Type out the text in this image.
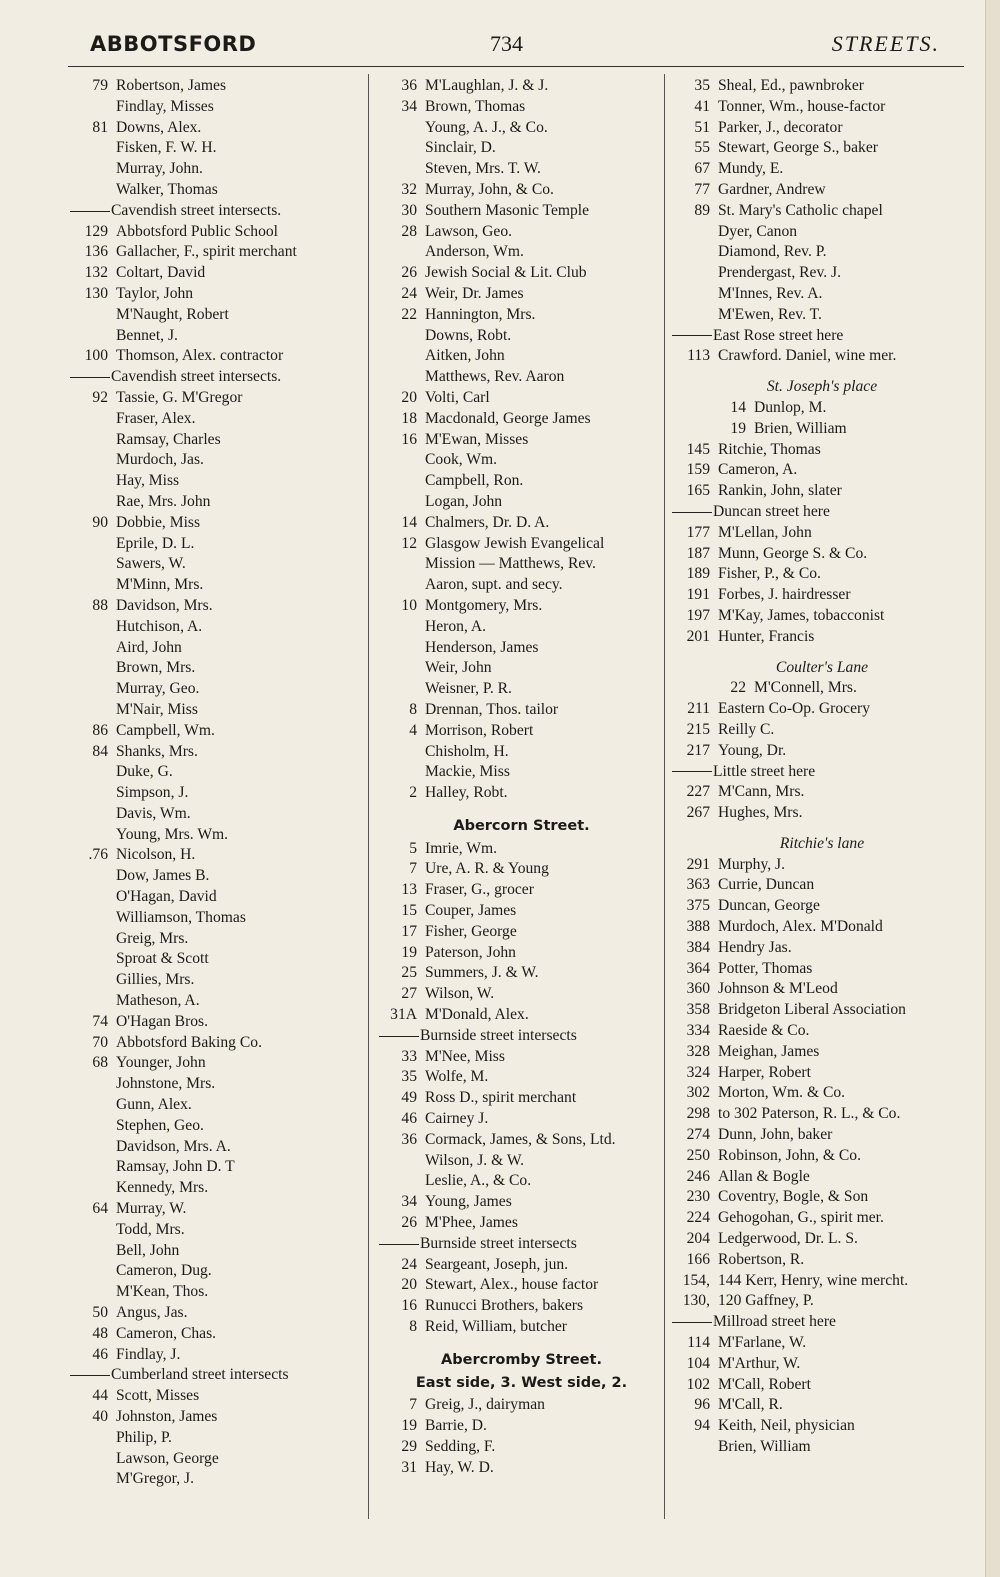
ABBOTSFORD	734	STREETS.
79 Robertson, James
Findlay, Misses
81 Downs, Alex.
Fisken, F. W. H.
Murray, John.
Walker, Thomas
Cavendish street intersects.
129 Abbotsford Public School
136 Gallacher, F., spirit merchant
132 Coltart, David
130 Taylor, John
M'Naught, Robert
Bennet, J.
100 Thomson, Alex. contractor
Cavendish street intersects.
92 Tassie, G. M'Gregor
Fraser, Alex.
Ramsay, Charles
Murdoch, Jas.
Hay, Miss
Rae, Mrs. John
90 Dobbie, Miss
Eprile, D. L.
Sawers, W.
M'Minn, Mrs.
88 Davidson, Mrs.
Hutchison, A.
Aird, John
Brown, Mrs.
Murray, Geo.
M'Nair, Miss
86 Campbell, Wm.
84 Shanks, Mrs.
Duke, G.
Simpson, J.
Davis, Wm.
Young, Mrs. Wm.
.76 Nicolson, H.
Dow, James B.
O'Hagan, David
Williamson, Thomas
Greig, Mrs.
Sproat & Scott
Gillies, Mrs.
Matheson, A.
74 O'Hagan Bros.
70 Abbotsford Baking Co.
68 Younger, John
Johnstone, Mrs.
Gunn, Alex.
Stephen, Geo.
Davidson, Mrs. A.
Ramsay, John D. T
Kennedy, Mrs.
64 Murray, W.
Todd, Mrs.
Bell, John
Cameron, Dug.
M'Kean, Thos.
50 Angus, Jas.
48 Cameron, Chas.
46 Findlay, J.
Cumberland street intersects
44 Scott, Misses
40 Johnston, James
Philip, P.
Lawson, George
M'Gregor, J.
36 M'Laughlan, J. & J.
34 Brown, Thomas
Young, A. J., & Co.
Sinclair, D.
Steven, Mrs. T. W.
32 Murray, John, & Co.
30 Southern Masonic Temple
28 Lawson, Geo.
Anderson, Wm.
26 Jewish Social & Lit. Club
24 Weir, Dr. James
22 Hannington, Mrs.
Downs, Robt.
Aitken, John
Matthews, Rev. Aaron
20 Volti, Carl
18 Macdonald, George James
16 M'Ewan, Misses
Cook, Wm.
Campbell, Ron.
Logan, John
14 Chalmers, Dr. D. A.
12 Glasgow Jewish Evangelical
Mission — Matthews, Rev.
Aaron, supt. and secy.
10 Montgomery, Mrs.
Heron, A.
Henderson, James
Weir, John
Weisner, P. R.
8 Drennan, Thos. tailor
4 Morrison, Robert
Chisholm, H.
Mackie, Miss
2 Halley, Robt.
Abercorn Street.
5 Imrie, Wm.
7 Ure, A. R. & Young
13 Fraser, G., grocer
15 Couper, James
17 Fisher, George
19 Paterson, John
25 Summers, J. & W.
27 Wilson, W.
31A M'Donald, Alex.
Burnside street intersects
33 M'Nee, Miss
35 Wolfe, M.
49 Ross D., spirit merchant
46 Cairney J.
36 Cormack, James, & Sons, Ltd.
Wilson, J. & W.
Leslie, A., & Co.
34 Young, James
26 M'Phee, James
Burnside street intersects
24 Seargeant, Joseph, jun.
20 Stewart, Alex., house factor
16 Runucci Brothers, bakers
8 Reid, William, butcher
Abercromby Street.
East side, 3. West side, 2.
7 Greig, J., dairyman
19 Barrie, D.
29 Sedding, F.
31 Hay, W. D.
35 Sheal, Ed., pawnbroker
41 Tonner, Wm., house-factor
51 Parker, J., decorator
55 Stewart, George S., baker
67 Mundy, E.
77 Gardner, Andrew
89 St. Mary's Catholic chapel
Dyer, Canon
Diamond, Rev. P.
Prendergast, Rev. J.
M'Innes, Rev. A.
M'Ewen, Rev. T.
East Rose street here
113 Crawford. Daniel, wine mer.
St. Joseph's place
14 Dunlop, M.
19 Brien, William
145 Ritchie, Thomas
159 Cameron, A.
165 Rankin, John, slater
Duncan street here
177 M'Lellan, John
187 Munn, George S. & Co.
189 Fisher, P., & Co.
191 Forbes, J. hairdresser
197 M'Kay, James, tobacconist
201 Hunter, Francis
Coulter's Lane
22 M'Connell, Mrs.
211 Eastern Co-Op. Grocery
215 Reilly C.
217 Young, Dr.
Little street here
227 M'Cann, Mrs.
267 Hughes, Mrs.
Ritchie's lane
291 Murphy, J.
363 Currie, Duncan
375 Duncan, George
388 Murdoch, Alex. M'Donald
384 Hendry Jas.
364 Potter, Thomas
360 Johnson & M'Leod
358 Bridgeton Liberal Association
334 Raeside & Co.
328 Meighan, James
324 Harper, Robert
302 Morton, Wm. & Co.
298 to 302 Paterson, R. L., & Co.
274 Dunn, John, baker
250 Robinson, John, & Co.
246 Allan & Bogle
230 Coventry, Bogle, & Son
224 Gehogohan, G., spirit mer.
204 Ledgerwood, Dr. L. S.
166 Robertson, R.
154, 144 Kerr, Henry, wine mercht.
130, 120 Gaffney, P.
Millroad street here
114 M'Farlane, W.
104 M'Arthur, W.
102 M'Call, Robert
96 M'Call, R.
94 Keith, Neil, physician
Brien, William
